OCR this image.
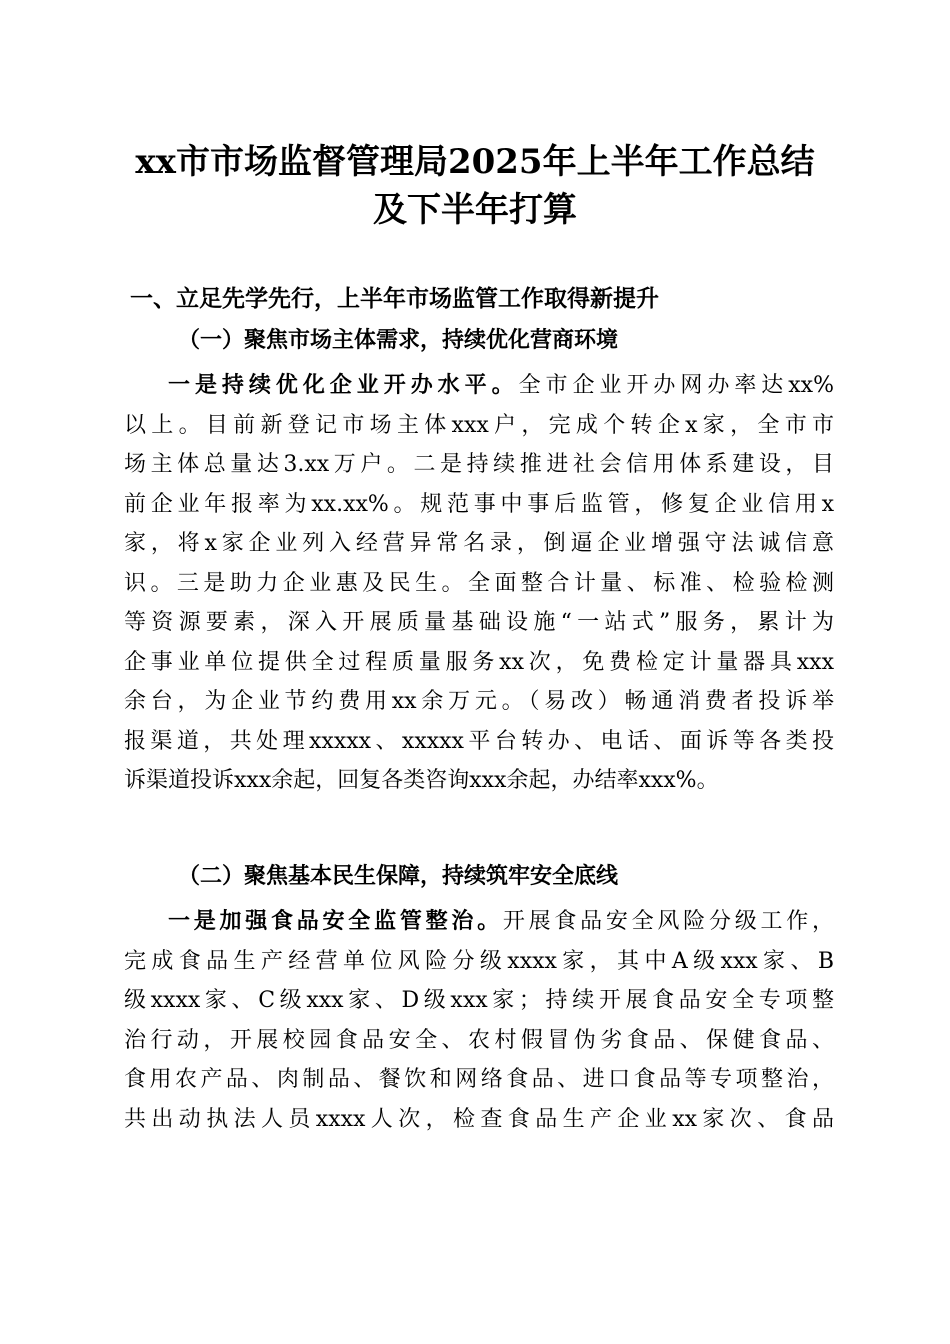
xx市市场监督管理局2025年上半年工作总结
及下半年打算
一、立足先学先行，上半年市场监管工作取得新提升
（一）聚焦市场主体需求，持续优化营商环境
一是持续优化企业开办水平。全市企业开办网办率达xx%
以上。目前新登记市场主体xxx户，完成个转企x家，全市市
场主体总量达3.xx万户。二是持续推进社会信用体系建设，目
前企业年报率为xx.xx%。规范事中事后监管，修复企业信用x
家，将x家企业列入经营异常名录，倒逼企业增强守法诚信意
识。三是助力企业惠及民生。全面整合计量、标准、检验检测
等资源要素，深入开展质量基础设施“一站式”服务，累计为
企事业单位提供全过程质量服务xx次，免费检定计量器具xxx
余台，为企业节约费用xx余万元。（易改）畅通消费者投诉举
报渠道，共处理xxxxx、xxxxx平台转办、电话、面诉等各类投
诉渠道投诉xxx余起，回复各类咨询xxx余起，办结率xxx%。
（二）聚焦基本民生保障，持续筑牢安全底线
一是加强食品安全监管整治。开展食品安全风险分级工作，
完成食品生产经营单位风险分级xxxx家，其中A级xxx家、B
级xxxx家、C级xxx家、D级xxx家；持续开展食品安全专项整
治行动，开展校园食品安全、农村假冒伪劣食品、保健食品、
食用农产品、肉制品、餐饮和网络食品、进口食品等专项整治，
共出动执法人员xxxx人次，检查食品生产企业xx家次、食品
